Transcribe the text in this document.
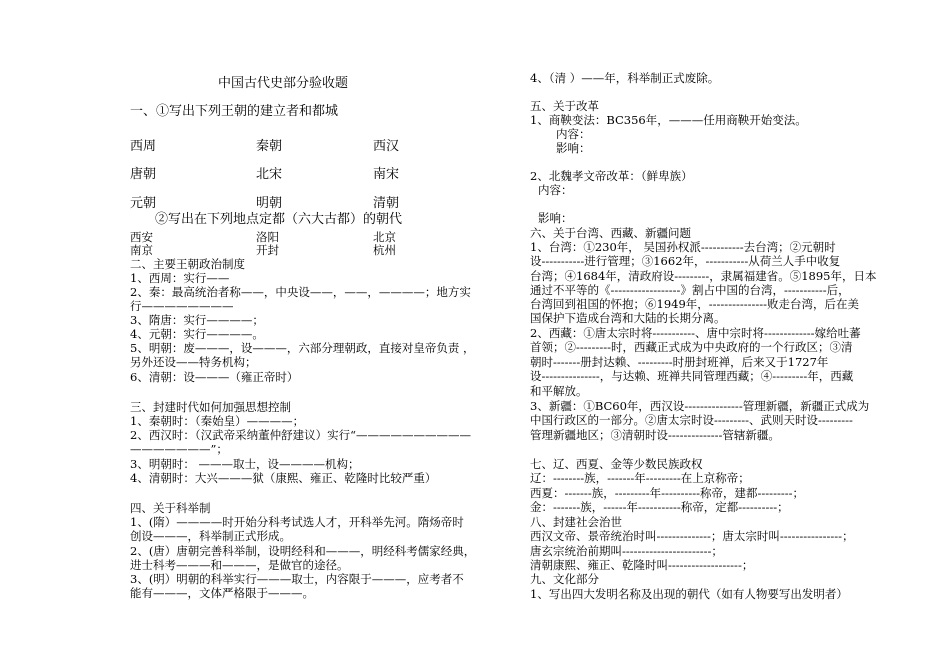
中国古代史部分验收题
一、①写出下列王朝的建立者和都城
西周	秦朝	西汉
唐朝	北宋	南宋
元朝	明朝	清朝
②写出在下列地点定都（六大古都）的朝代
西安	洛阳	北京
南京	开封	杭州
二、主要王朝政治制度
1、西周：实行——
2、秦：最高统治者称——，中央设——，——，————；地方实
行————————
3、隋唐：实行————；
4、元朝：实行————。
5、明朝：废———，设———，六部分理朝政，直接对皇帝负责 ，
另外还设——特务机构；
6、清朝：设———（雍正帝时）
三、封建时代如何加强思想控制
1、秦朝时：（秦始皇）————；
2、西汉时：（汉武帝采纳董仲舒建议）实行“——————————
———————”；
3、明朝时： ———取士，设————机构；
4、清朝时：大兴———狱（康熙、雍正、乾隆时比较严重）
四、关于科举制
1、(隋）————时开始分科考试选人才，开科举先河。隋炀帝时
创设———，科举制正式形成。
2、(唐）唐朝完善科举制，设明经科和———，明经科考儒家经典，
进士科考———和———，是做官的途径。
3、(明）明朝的科举实行———取士，内容限于———，应考者不
能有———，文体严格限于———。
4、（清 ）——年，科举制正式废除。
五、关于改革
1、商鞅变法：BC356年，———任用商鞅开始变法。
内容：
影响：
2、北魏孝文帝改革：（鲜卑族）
内容：
影响：
六、关于台湾、西藏、新疆问题
1、台湾：①230年， 吴国孙权派-----------去台湾；②元朝时
设-----------进行管理；③1662年，-----------从荷兰人手中收复
台湾；④1684年，清政府设---------，隶属福建省。⑤1895年，日本
通过不平等的《------------------》割占中国的台湾，-----------后，
台湾回到祖国的怀抱；⑥1949年，---------------败走台湾，后在美
国保护下造成台湾和大陆的长期分离。
2、西藏：①唐太宗时将-----------、唐中宗时将-------------嫁给吐蕃
首领；②---------时，西藏正式成为中央政府的一个行政区；③清
朝时-------册封达赖、---------时册封班禅，后来又于1727年
设---------------，与达赖、班禅共同管理西藏；④---------年，西藏
和平解放。
3、新疆：①BC60年，西汉设---------------管理新疆，新疆正式成为
中国行政区的一部分。②唐太宗时设---------、武则天时设---------
管理新疆地区；③清朝时设--------------管辖新疆。
七、辽、西夏、金等少数民族政权
辽：--------族，-------年---------在上京称帝；
西夏：-------族，---------年----------称帝，建都---------；
金：-------族，------年-----------称帝，定都----------；
八、封建社会治世
西汉文帝、景帝统治时叫--------------；唐太宗时叫----------------；
唐玄宗统治前期叫-----------------------；
清朝康熙、雍正、乾隆时叫-------------------；
九、文化部分
1、写出四大发明名称及出现的朝代（如有人物要写出发明者）
